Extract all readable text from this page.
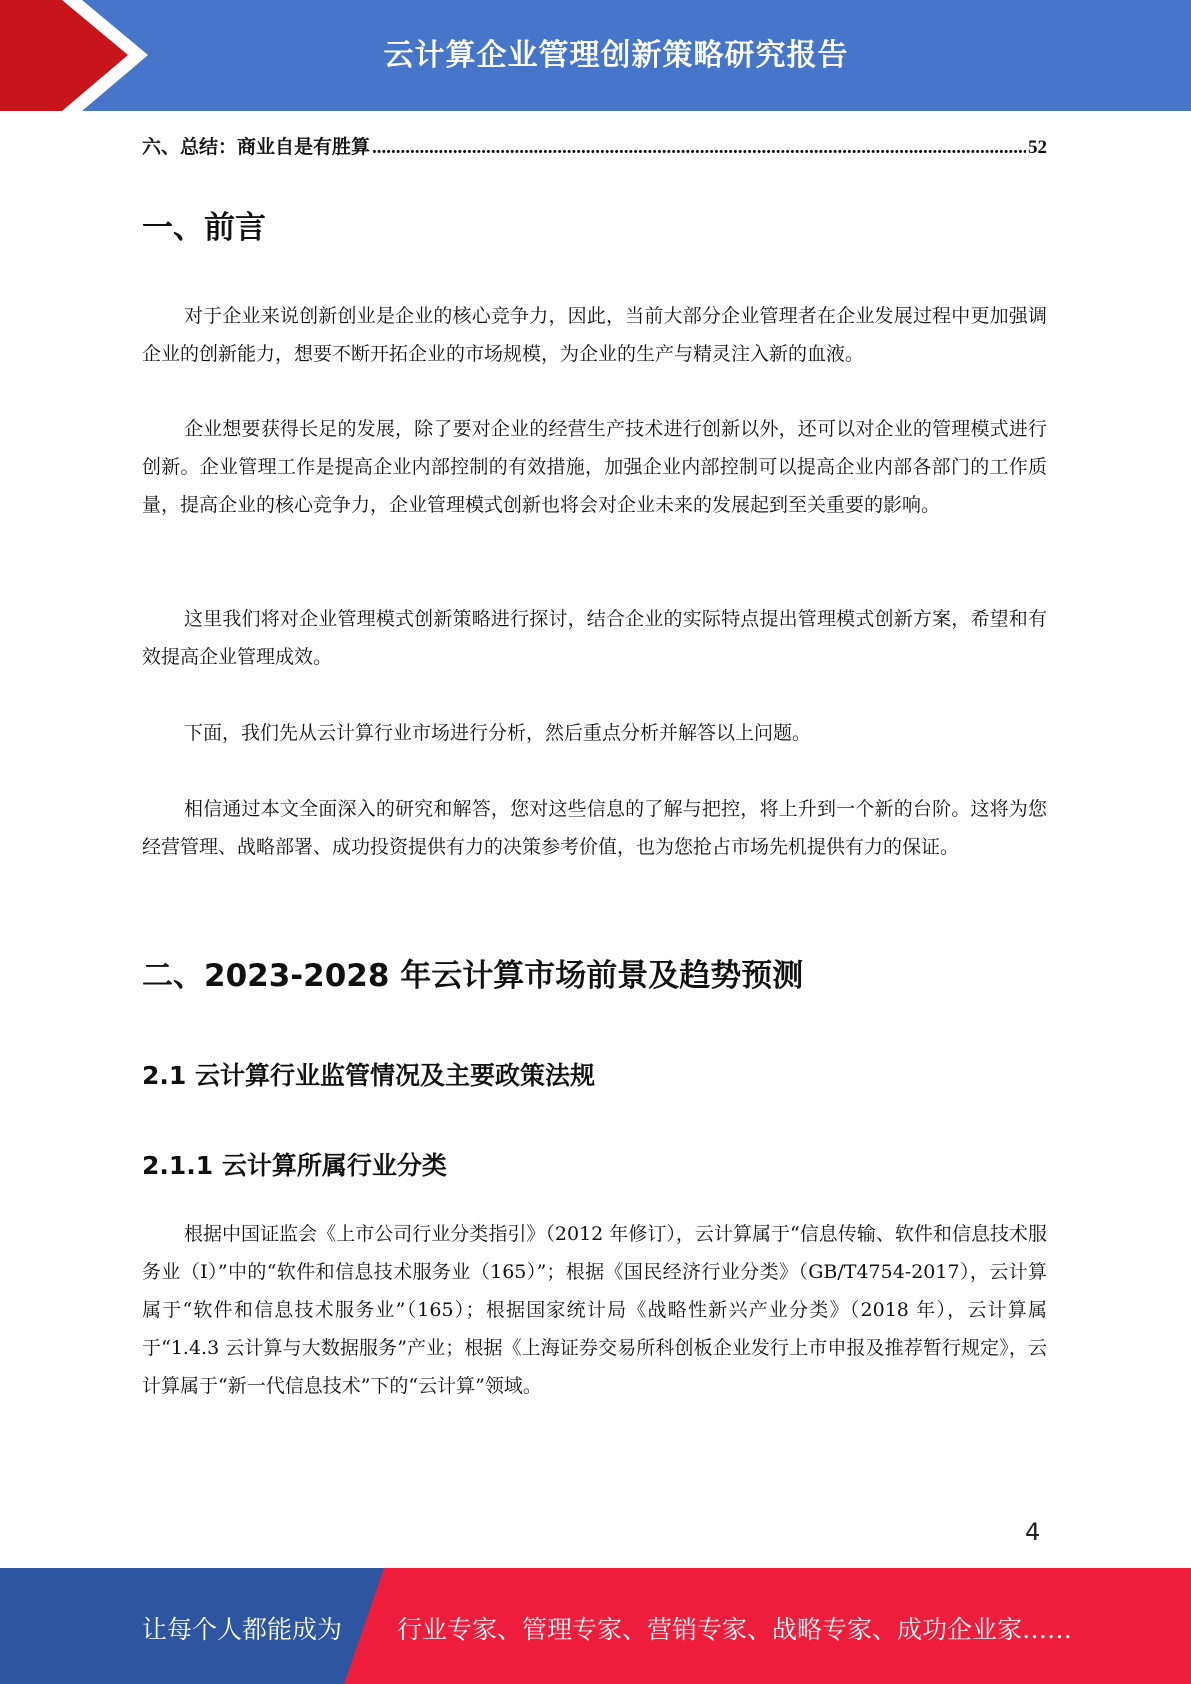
云计算企业管理创新策略研究报告
六、总结：商业自是有胜算
.....	52
一、前言

对于企业来说创新创业是企业的核心竞争力，因此，当前大部分企业管理者在企业发展过程中更加强调企业的创新能力，想要不断开拓企业的市场规模，为企业的生产与精灵注入新的血液。

企业想要获得长足的发展，除了要对企业的经营生产技术进行创新以外，还可以对企业的管理模式进行创新。企业管理工作是提高企业内部控制的有效措施，加强企业内部控制可以提高企业内部各部门的工作质量，提高企业的核心竞争力，企业管理模式创新也将会对企业未来的发展起到至关重要的影响。

这里我们将对企业管理模式创新策略进行探讨，结合企业的实际特点提出管理模式创新方案，希望和有效提高企业管理成效。

下面，我们先从云计算行业市场进行分析，然后重点分析并解答以上问题。

相信通过本文全面深入的研究和解答，您对这些信息的了解与把控，将上升到一个新的台阶。这将为您经营管理、战略部署、成功投资提供有力的决策参考价值，也为您抢占市场先机提供有力的保证。

二、2023-2028 年云计算市场前景及趋势预测
2.1 云计算行业监管情况及主要政策法规
2.1.1 云计算所属行业分类

根据中国证监会《上市公司行业分类指引》（2012 年修订），云计算属于“信息传输、软件和信息技术服务业（I）”中的“软件和信息技术服务业（165）”；根据《国民经济行业分类》（GB/T4754-2017），云计算属于“软件和信息技术服务业”（165）；根据国家统计局《战略性新兴产业分类》（2018 年），云计算属于“1.4.3 云计算与大数据服务”产业；根据《上海证券交易所科创板企业发行上市申报及推荐暂行规定》，云计算属于“新一代信息技术”下的“云计算”领域。

4
让每个人都能成为 行业专家、管理专家、营销专家、战略专家、成功企业家……
